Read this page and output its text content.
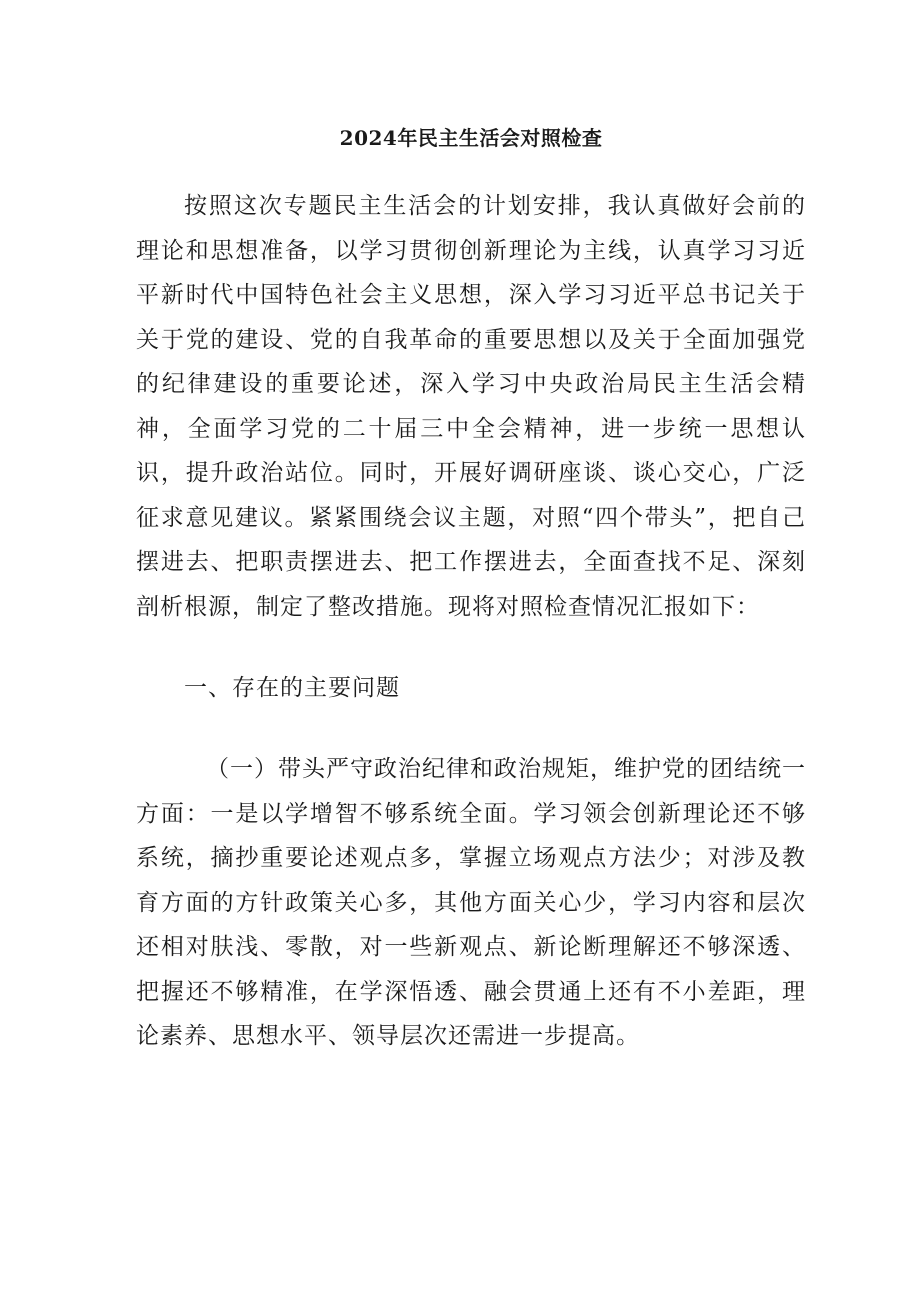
2024年民主生活会对照检查

按照这次专题民主生活会的计划安排，我认真做好会前的理论和思想准备，以学习贯彻创新理论为主线，认真学习习近平新时代中国特色社会主义思想，深入学习习近平总书记关于关于党的建设、党的自我革命的重要思想以及关于全面加强党的纪律建设的重要论述，深入学习中央政治局民主生活会精神，全面学习党的二十届三中全会精神，进一步统一思想认识，提升政治站位。同时，开展好调研座谈、谈心交心，广泛征求意见建议。紧紧围绕会议主题，对照“四个带头”，把自己摆进去、把职责摆进去、把工作摆进去，全面查找不足、深刻剖析根源，制定了整改措施。现将对照检查情况汇报如下：

一、存在的主要问题

（一）带头严守政治纪律和政治规矩，维护党的团结统一方面：一是以学增智不够系统全面。学习领会创新理论还不够系统，摘抄重要论述观点多，掌握立场观点方法少；对涉及教育方面的方针政策关心多，其他方面关心少，学习内容和层次还相对肤浅、零散，对一些新观点、新论断理解还不够深透、把握还不够精准，在学深悟透、融会贯通上还有不小差距，理论素养、思想水平、领导层次还需进一步提高。
